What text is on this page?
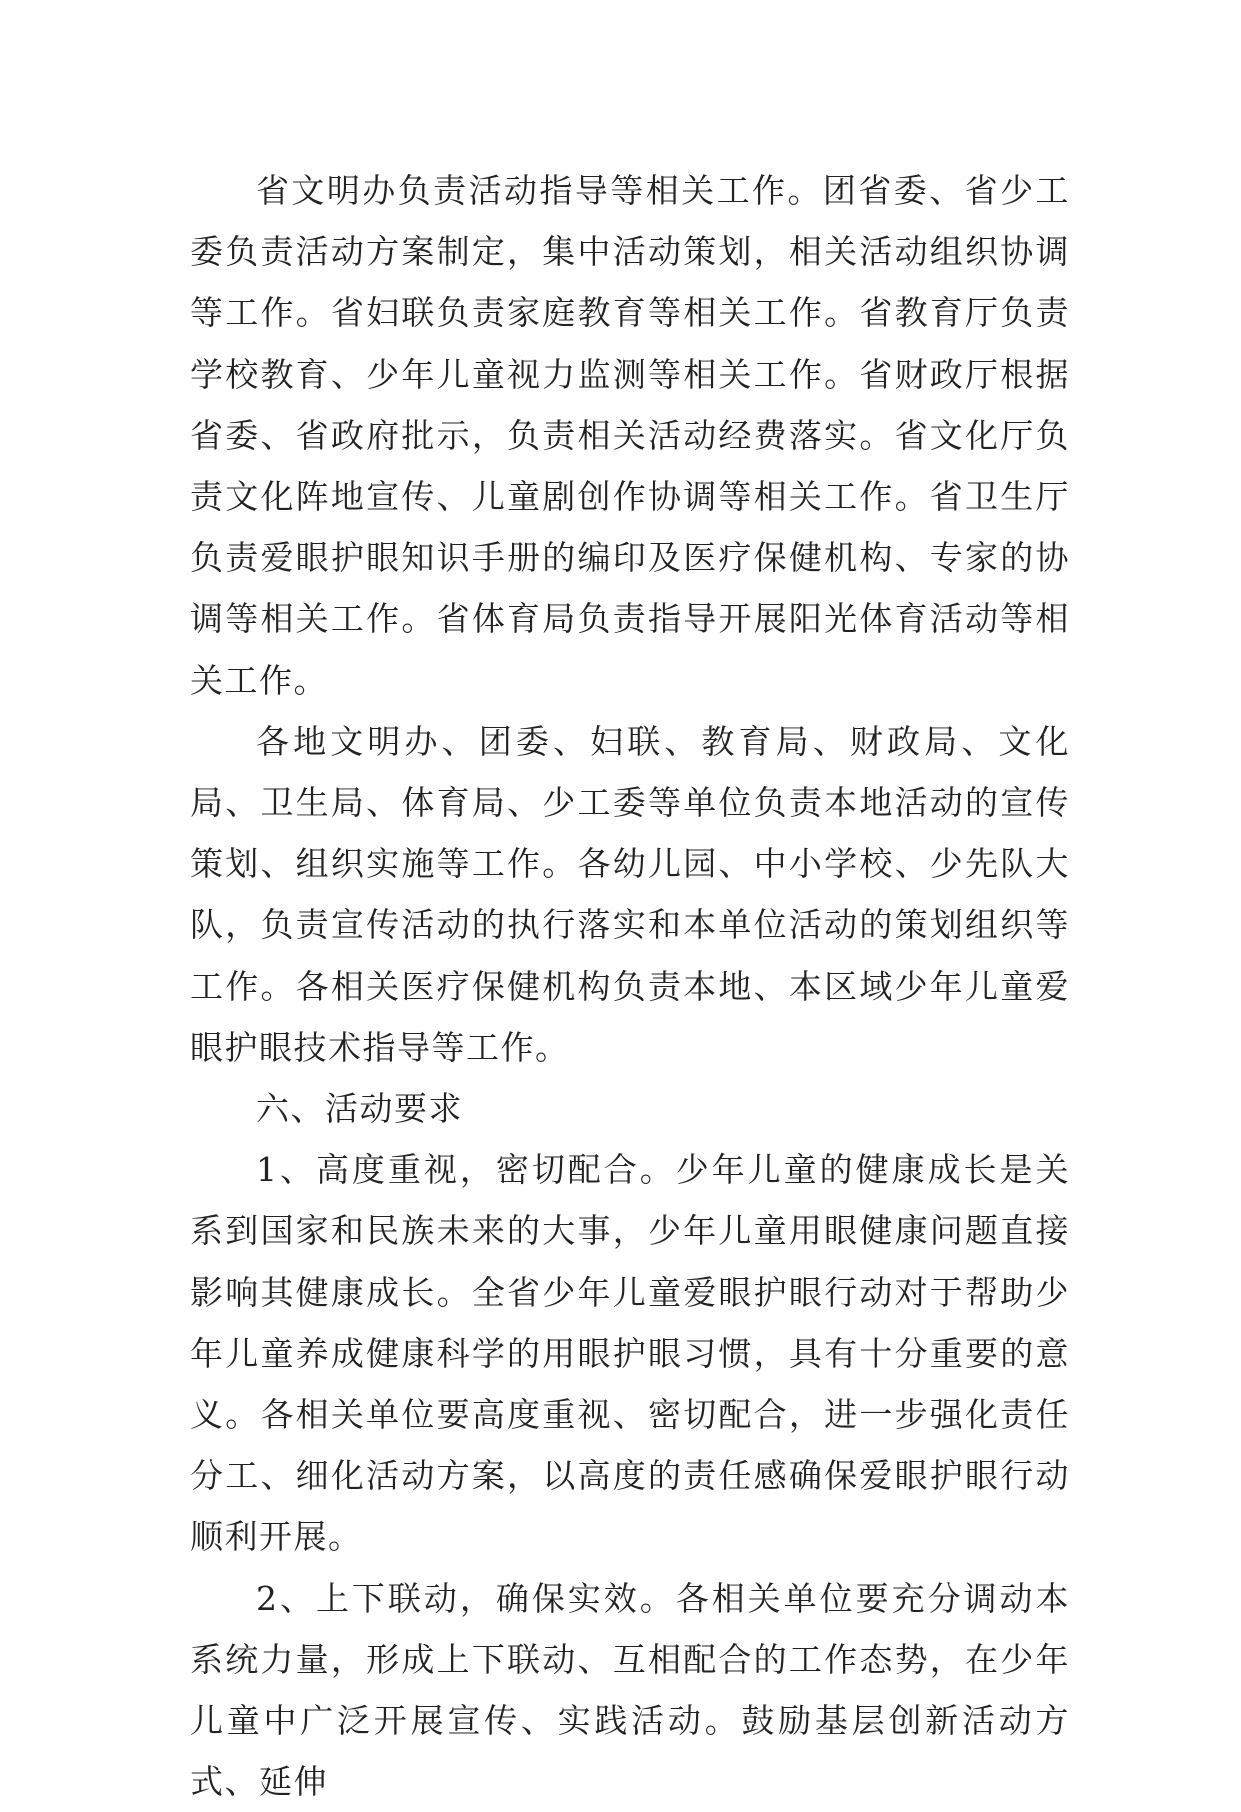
省文明办负责活动指导等相关工作。团省委、省少工委负责活动方案制定，集中活动策划，相关活动组织协调等工作。省妇联负责家庭教育等相关工作。省教育厅负责学校教育、少年儿童视力监测等相关工作。省财政厅根据省委、省政府批示，负责相关活动经费落实。省文化厅负责文化阵地宣传、儿童剧创作协调等相关工作。省卫生厅负责爱眼护眼知识手册的编印及医疗保健机构、专家的协调等相关工作。省体育局负责指导开展阳光体育活动等相关工作。

各地文明办、团委、妇联、教育局、财政局、文化局、卫生局、体育局、少工委等单位负责本地活动的宣传策划、组织实施等工作。各幼儿园、中小学校、少先队大队，负责宣传活动的执行落实和本单位活动的策划组织等工作。各相关医疗保健机构负责本地、本区域少年儿童爱眼护眼技术指导等工作。

六、活动要求

1、高度重视，密切配合。少年儿童的健康成长是关系到国家和民族未来的大事，少年儿童用眼健康问题直接影响其健康成长。全省少年儿童爱眼护眼行动对于帮助少年儿童养成健康科学的用眼护眼习惯，具有十分重要的意义。各相关单位要高度重视、密切配合，进一步强化责任分工、细化活动方案，以高度的责任感确保爱眼护眼行动顺利开展。

2、上下联动，确保实效。各相关单位要充分调动本系统力量，形成上下联动、互相配合的工作态势，在少年儿童中广泛开展宣传、实践活动。鼓励基层创新活动方式、延伸
